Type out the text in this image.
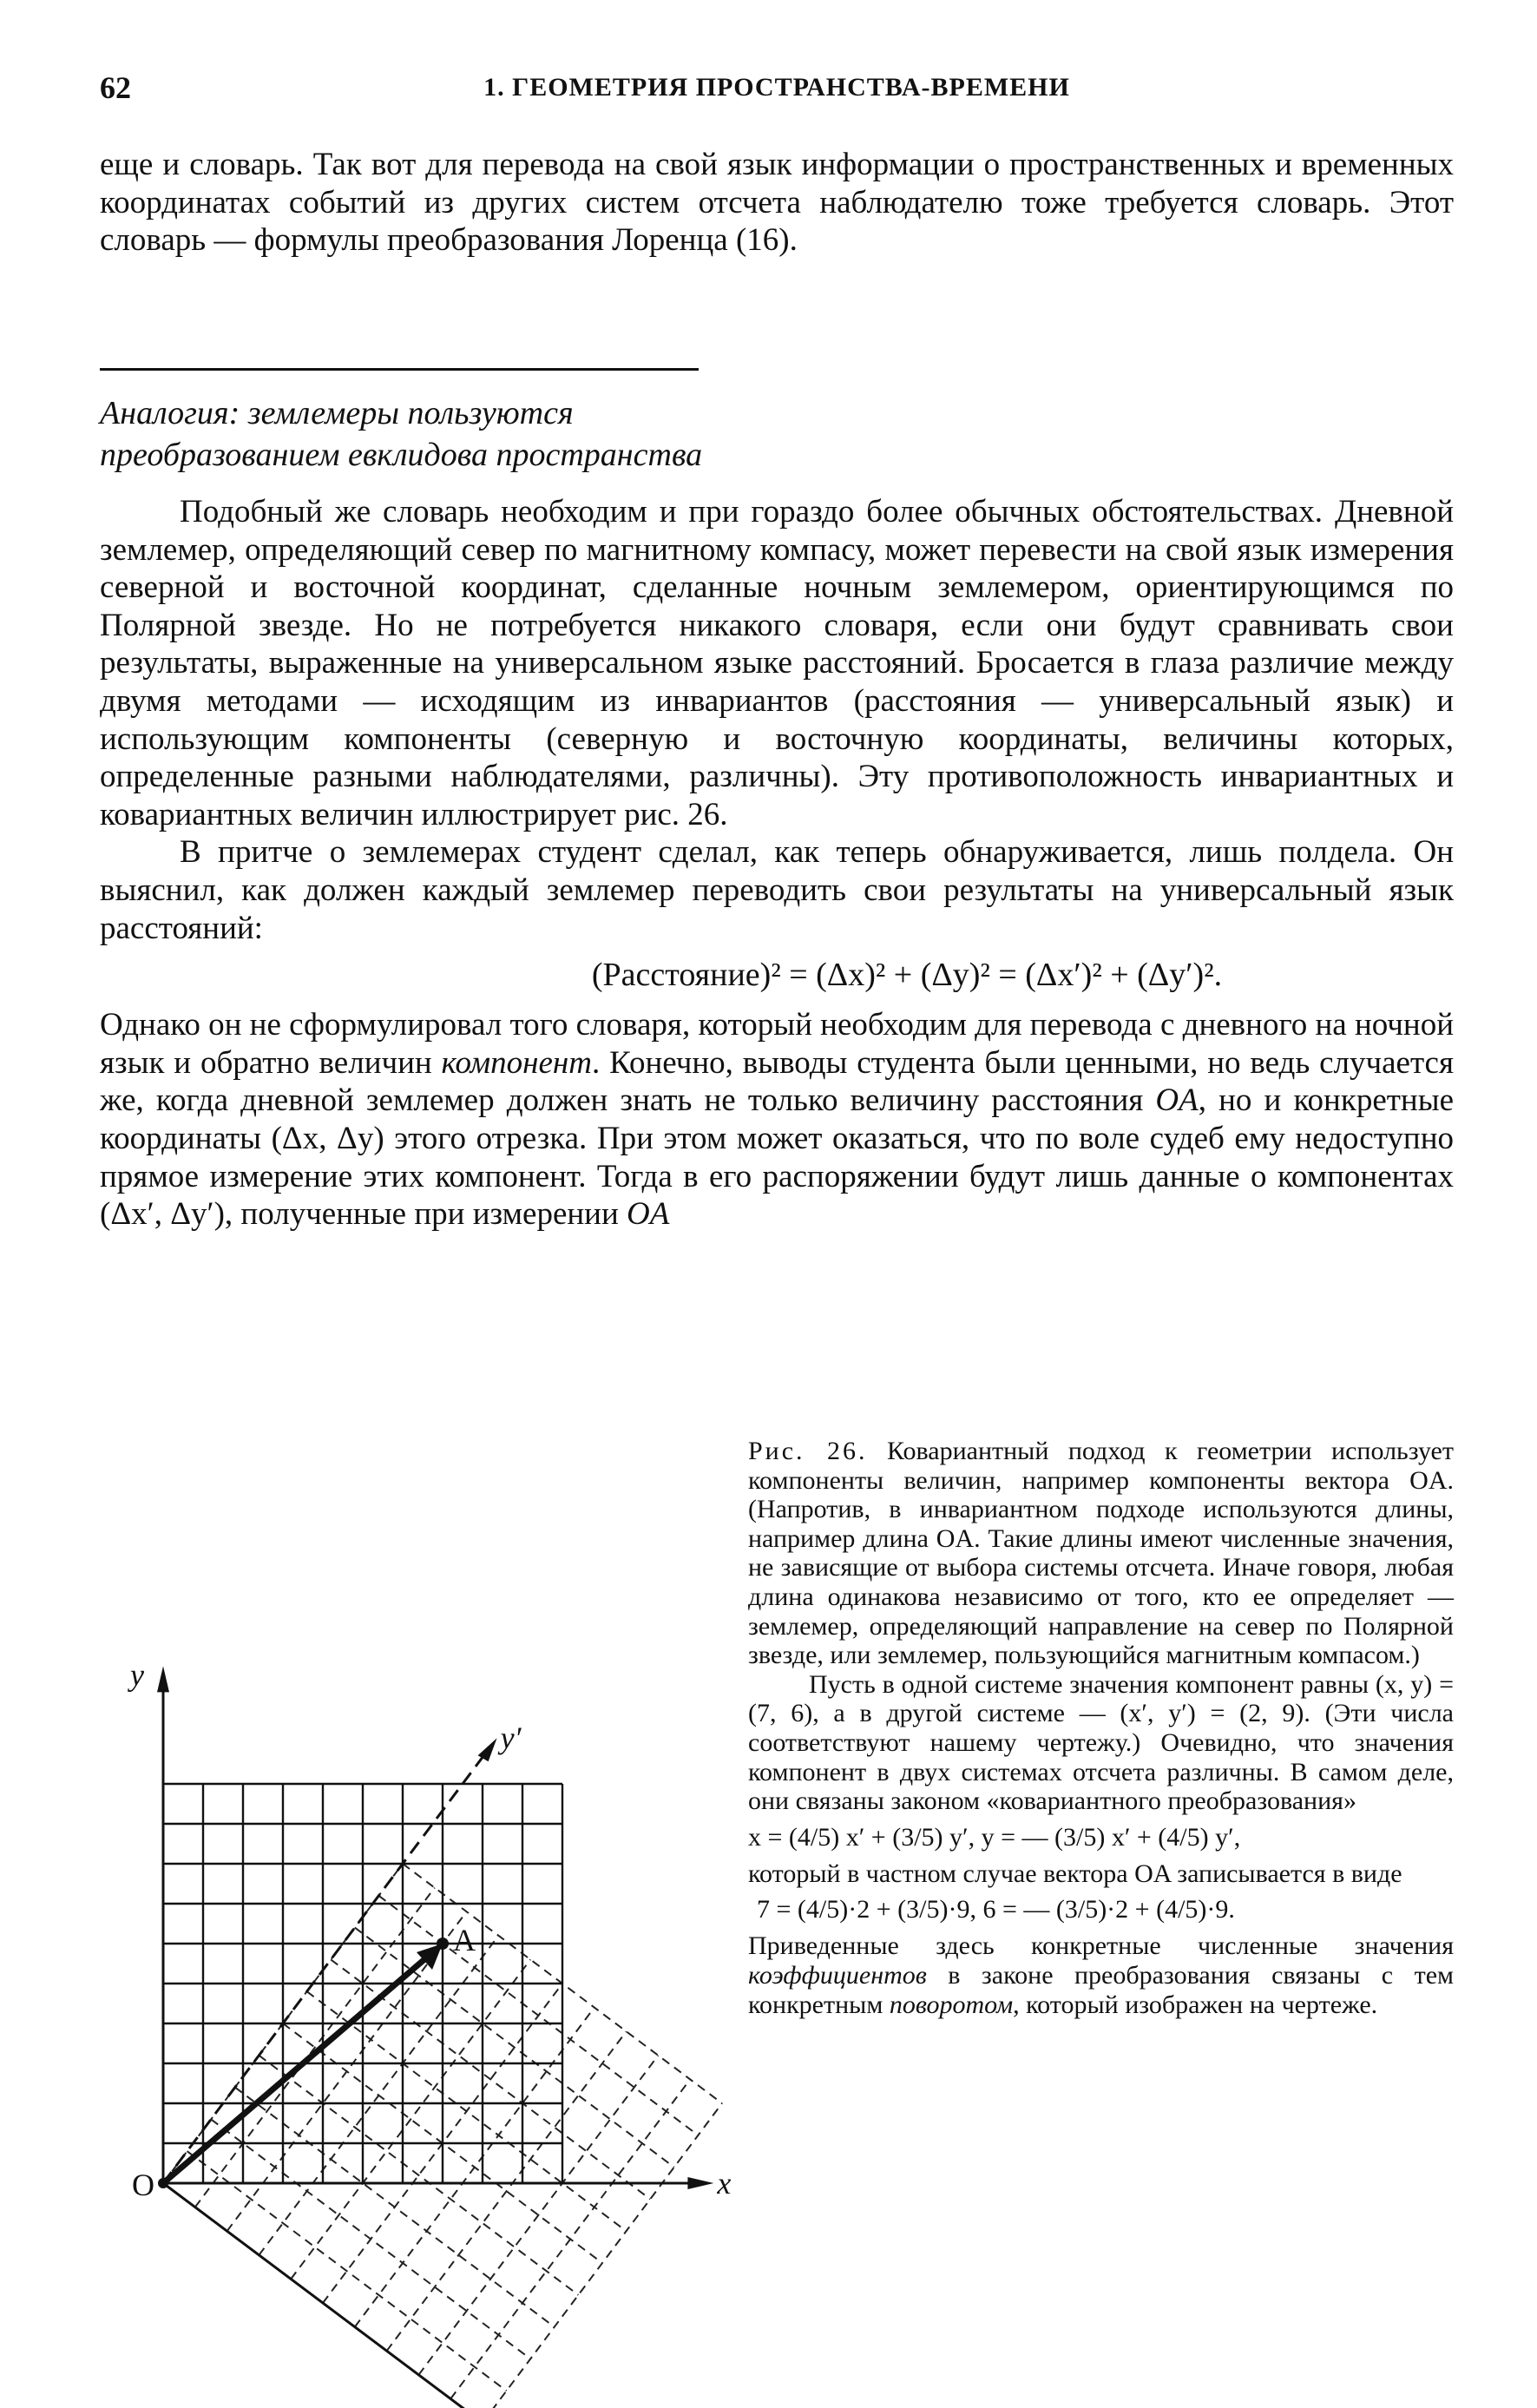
62	1. ГЕОМЕТРИЯ ПРОСТРАНСТВА-ВРЕМЕНИ

еще и словарь. Так вот для перевода на свой язык информации о пространственных и временных координатах событий из других систем отсчета наблюдателю тоже требуется словарь. Этот словарь — формулы преобразования Лоренца (16).

Аналогия: землемеры пользуются
преобразованием евклидова пространства

Подобный же словарь необходим и при гораздо более обычных обстоятельствах. Дневной землемер, определяющий север по магнитному компасу, может перевести на свой язык измерения северной и восточной координат, сделанные ночным землемером, ориентирующимся по Полярной звезде. Но не потребуется никакого словаря, если они будут сравнивать свои результаты, выраженные на универсальном языке расстояний. Бросается в глаза различие между двумя методами — исходящим из инвариантов (расстояния — универсальный язык) и использующим компоненты (северную и восточную координаты, величины которых, определенные разными наблюдателями, различны). Эту противоположность инвариантных и ковариантных величин иллюстрирует рис. 26.

В притче о землемерах студент сделал, как теперь обнаруживается, лишь полдела. Он выяснил, как должен каждый землемер переводить свои результаты на универсальный язык расстояний:

(Расстояние)² = (Δx)² + (Δy)² = (Δx′)² + (Δy′)².

Однако он не сформулировал того словаря, который необходим для перевода с дневного на ночной язык и обратно величин компонент. Конечно, выводы студента были ценными, но ведь случается же, когда дневной землемер должен знать не только величину расстояния OA, но и конкретные координаты (Δx, Δy) этого отрезка. При этом может оказаться, что по воле судеб ему недоступно прямое измерение этих компонент. Тогда в его распоряжении будут лишь данные о компонентах (Δx′, Δy′), полученные при измерении OA

y
x
y′
O
A

Рис. 26. Ковариантный подход к геометрии использует компоненты величин, например компоненты вектора OA. (Напротив, в инвариантном подходе используются длины, например длина OA. Такие длины имеют численные значения, не зависящие от выбора системы отсчета. Иначе говоря, любая длина одинакова независимо от того, кто ее определяет — землемер, определяющий направление на север по Полярной звезде, или землемер, пользующийся магнитным компасом.)

Пусть в одной системе значения компонент равны (x, y) = (7, 6), а в другой системе — (x′, y′) = (2, 9). (Эти числа соответствуют нашему чертежу.) Очевидно, что значения компонент в двух системах отсчета различны. В самом деле, они связаны законом «ковариантного преобразования»

x = (4/5) x′ + (3/5) y′, y = — (3/5) x′ + (4/5) y′,

который в частном случае вектора OA записывается в виде

7 = (4/5)·2 + (3/5)·9, 6 = — (3/5)·2 + (4/5)·9.

Приведенные здесь конкретные численные значения коэффициентов в законе преобразования связаны с тем конкретным поворотом, который изображен на чертеже.
